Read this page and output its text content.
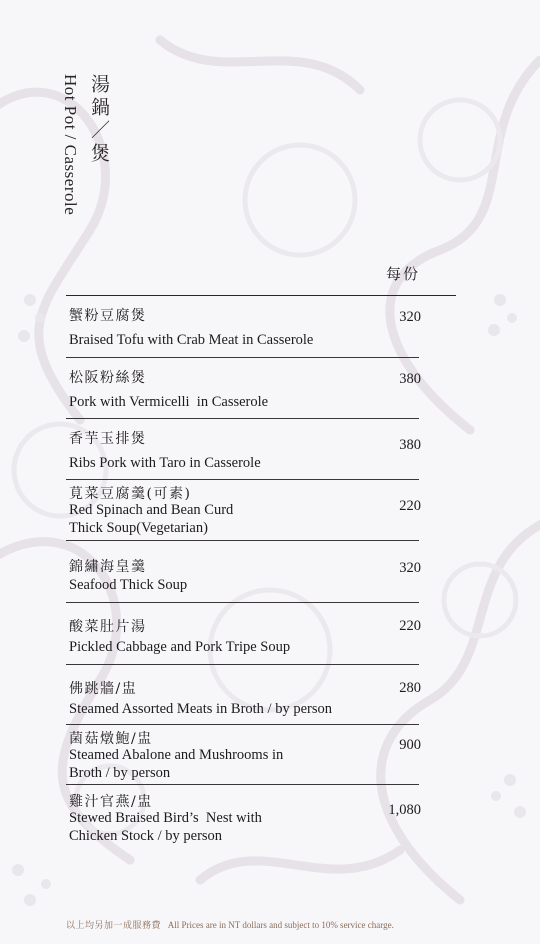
湯鍋／煲
Hot Pot / Casserole
每份
蟹粉豆腐煲
Braised Tofu with Crab Meat in Casserole
320
松阪粉絲煲
Pork with Vermicelli  in Casserole
380
香芋玉排煲
Ribs Pork with Taro in Casserole
380
莧菜豆腐羹(可素)
Red Spinach and Bean Curd
Thick Soup(Vegetarian)
220
錦繡海皇羹
Seafood Thick Soup
320
酸菜肚片湯
Pickled Cabbage and Pork Tripe Soup
220
佛跳牆/盅
Steamed Assorted Meats in Broth / by person
280
菌菇燉鮑/盅
Steamed Abalone and Mushrooms in
Broth / by person
900
雞汁官燕/盅
Stewed Braised Bird’s  Nest with
Chicken Stock / by person
1,080
以上均另加一成服務費 All Prices are in NT dollars and subject to 10% service charge.
